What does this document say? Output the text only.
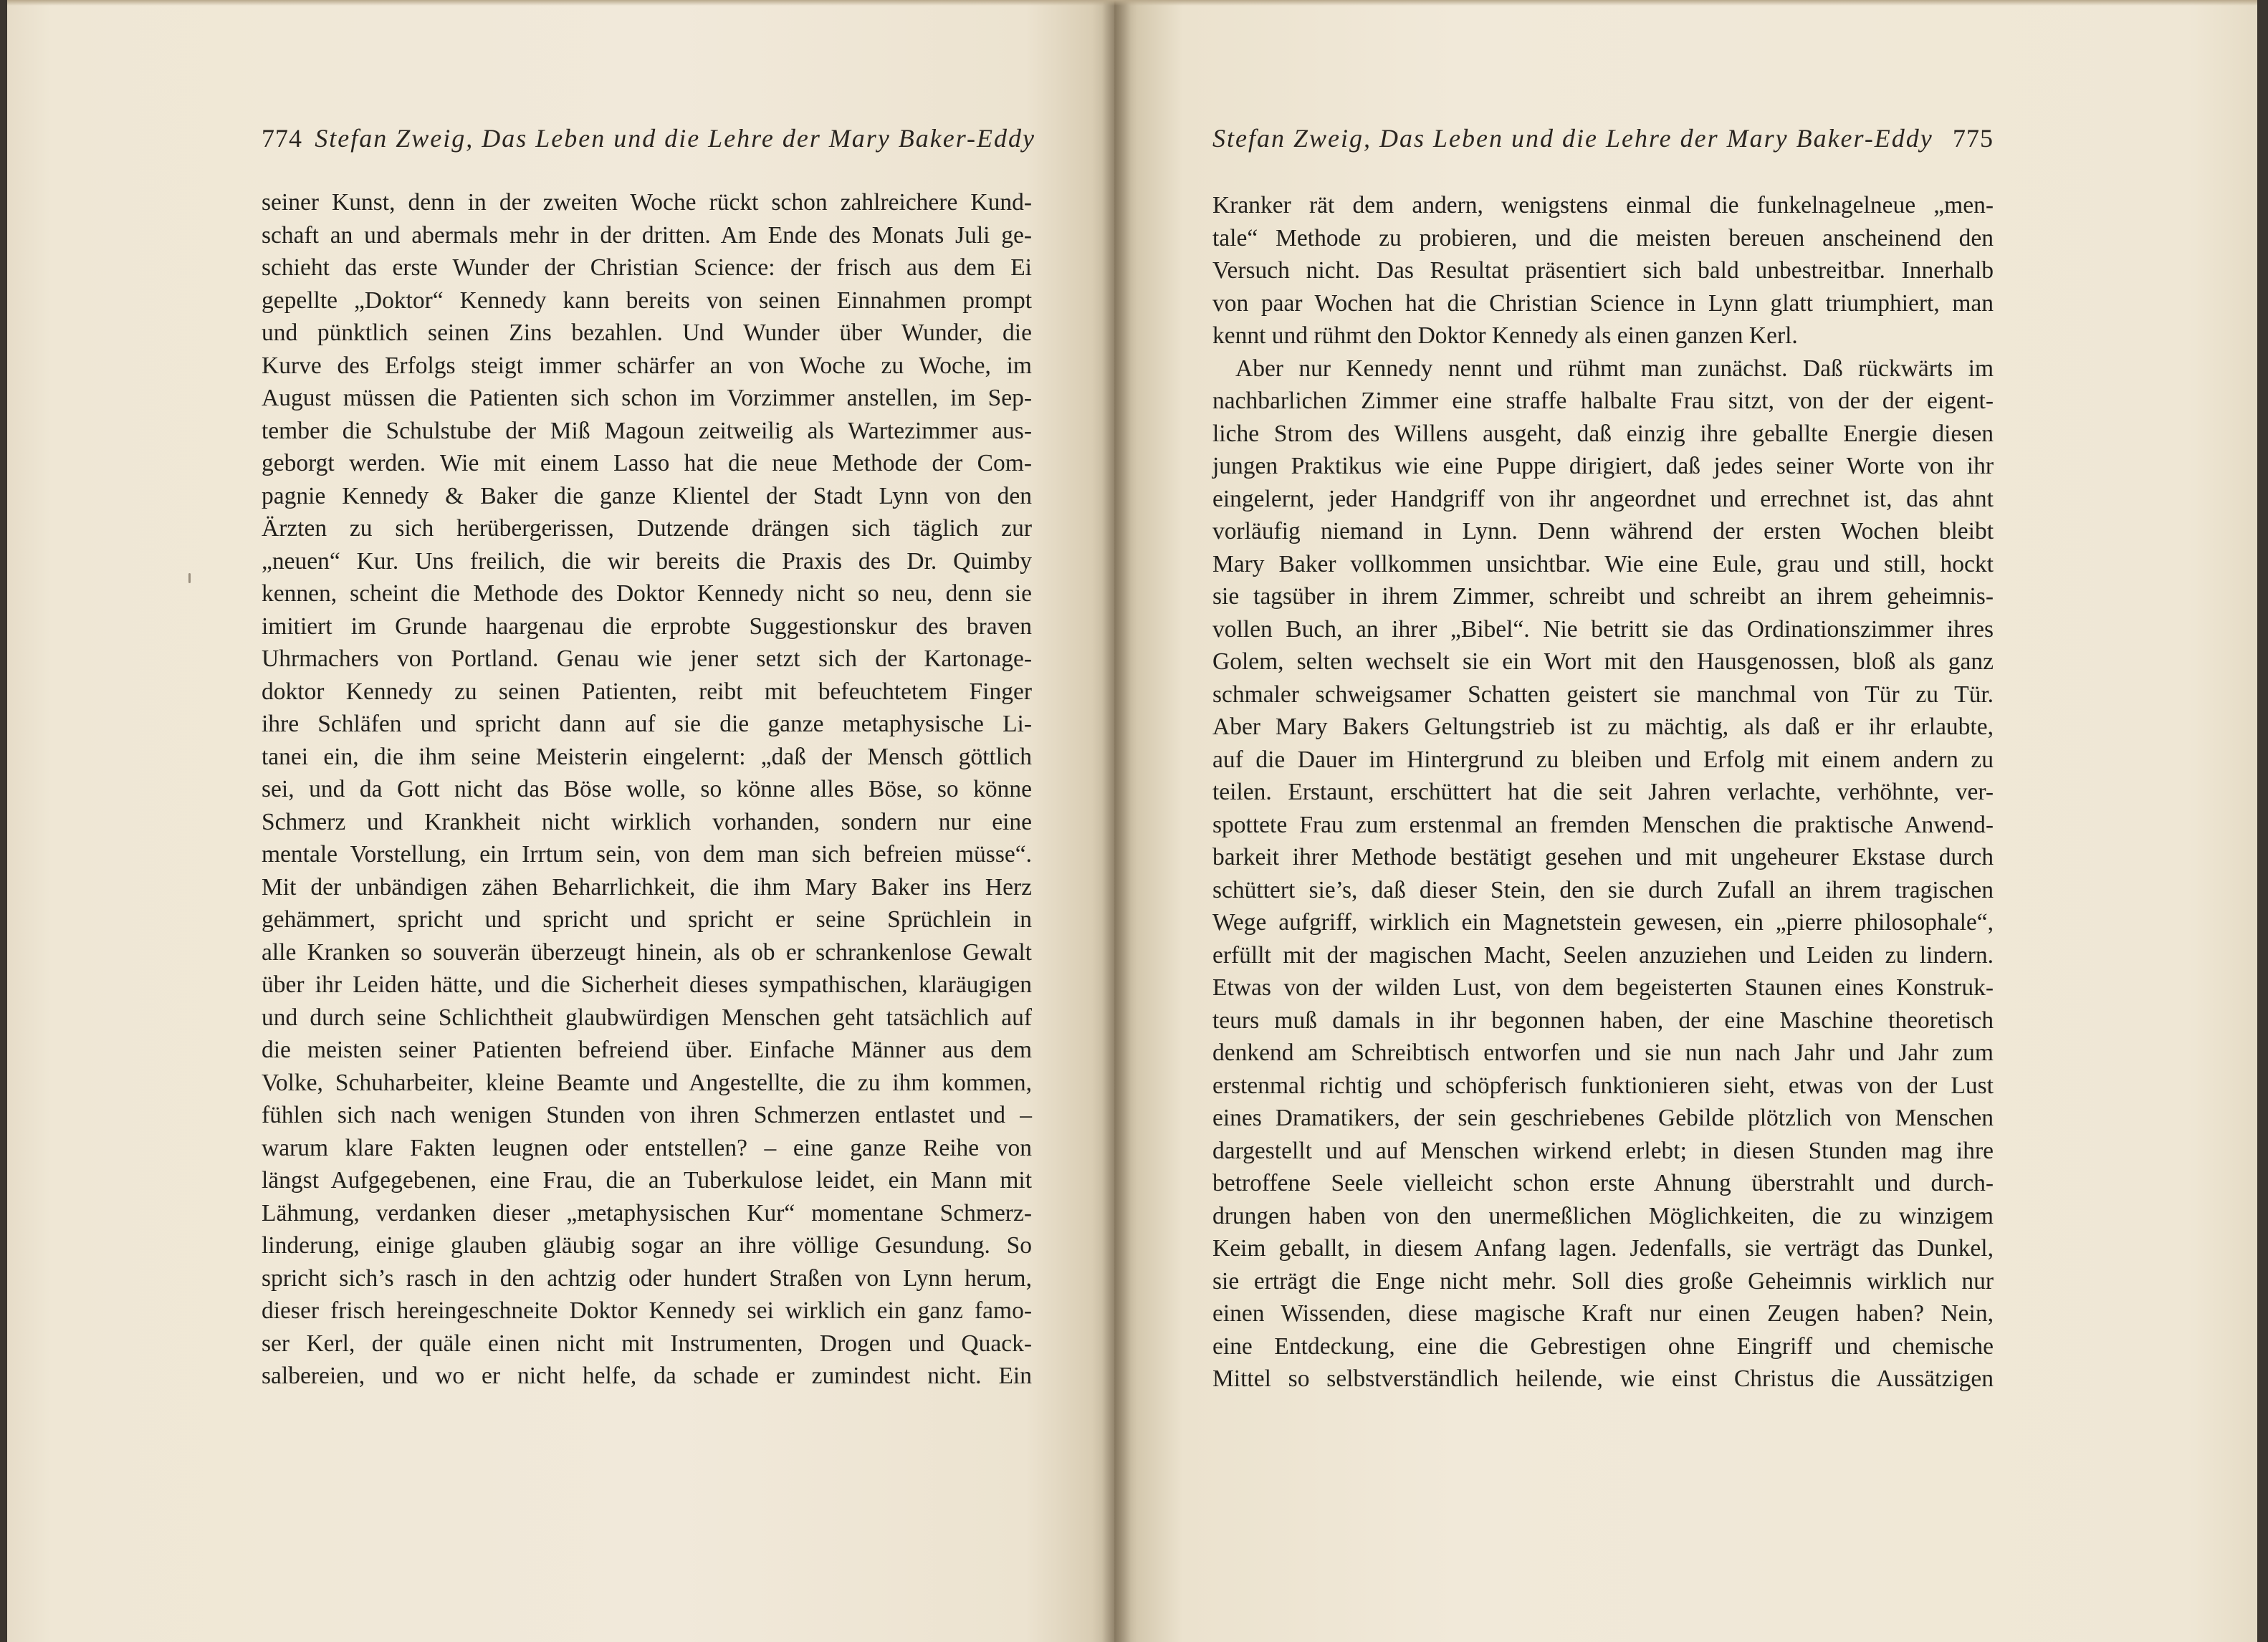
774 Stefan Zweig, Das Leben und die Lehre der Mary Baker-Eddy	Stefan Zweig, Das Leben und die Lehre der Mary Baker-Eddy 775
seiner Kunst, denn in der zweiten Woche rückt schon zahlreichere Kund-
schaft an und abermals mehr in der dritten. Am Ende des Monats Juli ge-
schieht das erste Wunder der Christian Science: der frisch aus dem Ei
gepellte „Doktor“ Kennedy kann bereits von seinen Einnahmen prompt
und pünktlich seinen Zins bezahlen. Und Wunder über Wunder, die
Kurve des Erfolgs steigt immer schärfer an von Woche zu Woche, im
August müssen die Patienten sich schon im Vorzimmer anstellen, im Sep-
tember die Schulstube der Miß Magoun zeitweilig als Wartezimmer aus-
geborgt werden. Wie mit einem Lasso hat die neue Methode der Com-
pagnie Kennedy & Baker die ganze Klientel der Stadt Lynn von den
Ärzten zu sich herübergerissen, Dutzende drängen sich täglich zur
„neuen“ Kur. Uns freilich, die wir bereits die Praxis des Dr. Quimby
kennen, scheint die Methode des Doktor Kennedy nicht so neu, denn sie
imitiert im Grunde haargenau die erprobte Suggestionskur des braven
Uhrmachers von Portland. Genau wie jener setzt sich der Kartonage-
doktor Kennedy zu seinen Patienten, reibt mit befeuchtetem Finger
ihre Schläfen und spricht dann auf sie die ganze metaphysische Li-
tanei ein, die ihm seine Meisterin eingelernt: „daß der Mensch göttlich
sei, und da Gott nicht das Böse wolle, so könne alles Böse, so könne
Schmerz und Krankheit nicht wirklich vorhanden, sondern nur eine
mentale Vorstellung, ein Irrtum sein, von dem man sich befreien müsse“.
Mit der unbändigen zähen Beharrlichkeit, die ihm Mary Baker ins Herz
gehämmert, spricht und spricht und spricht er seine Sprüchlein in
alle Kranken so souverän überzeugt hinein, als ob er schrankenlose Gewalt
über ihr Leiden hätte, und die Sicherheit dieses sympathischen, klaräugigen
und durch seine Schlichtheit glaubwürdigen Menschen geht tatsächlich auf
die meisten seiner Patienten befreiend über. Einfache Männer aus dem
Volke, Schuharbeiter, kleine Beamte und Angestellte, die zu ihm kommen,
fühlen sich nach wenigen Stunden von ihren Schmerzen entlastet und –
warum klare Fakten leugnen oder entstellen? – eine ganze Reihe von
längst Aufgegebenen, eine Frau, die an Tuberkulose leidet, ein Mann mit
Lähmung, verdanken dieser „metaphysischen Kur“ momentane Schmerz-
linderung, einige glauben gläubig sogar an ihre völlige Gesundung. So
spricht sich’s rasch in den achtzig oder hundert Straßen von Lynn herum,
dieser frisch hereingeschneite Doktor Kennedy sei wirklich ein ganz famo-
ser Kerl, der quäle einen nicht mit Instrumenten, Drogen und Quack-
salbereien, und wo er nicht helfe, da schade er zumindest nicht. Ein
Kranker rät dem andern, wenigstens einmal die funkelnagelneue „men-
tale“ Methode zu probieren, und die meisten bereuen anscheinend den
Versuch nicht. Das Resultat präsentiert sich bald unbestreitbar. Innerhalb
von paar Wochen hat die Christian Science in Lynn glatt triumphiert, man
kennt und rühmt den Doktor Kennedy als einen ganzen Kerl.
Aber nur Kennedy nennt und rühmt man zunächst. Daß rückwärts im
nachbarlichen Zimmer eine straffe halbalte Frau sitzt, von der der eigent-
liche Strom des Willens ausgeht, daß einzig ihre geballte Energie diesen
jungen Praktikus wie eine Puppe dirigiert, daß jedes seiner Worte von ihr
eingelernt, jeder Handgriff von ihr angeordnet und errechnet ist, das ahnt
vorläufig niemand in Lynn. Denn während der ersten Wochen bleibt
Mary Baker vollkommen unsichtbar. Wie eine Eule, grau und still, hockt
sie tagsüber in ihrem Zimmer, schreibt und schreibt an ihrem geheimnis-
vollen Buch, an ihrer „Bibel“. Nie betritt sie das Ordinationszimmer ihres
Golem, selten wechselt sie ein Wort mit den Hausgenossen, bloß als ganz
schmaler schweigsamer Schatten geistert sie manchmal von Tür zu Tür.
Aber Mary Bakers Geltungstrieb ist zu mächtig, als daß er ihr erlaubte,
auf die Dauer im Hintergrund zu bleiben und Erfolg mit einem andern zu
teilen. Erstaunt, erschüttert hat die seit Jahren verlachte, verhöhnte, ver-
spottete Frau zum erstenmal an fremden Menschen die praktische Anwend-
barkeit ihrer Methode bestätigt gesehen und mit ungeheurer Ekstase durch
schüttert sie’s, daß dieser Stein, den sie durch Zufall an ihrem tragischen
Wege aufgriff, wirklich ein Magnetstein gewesen, ein „pierre philosophale“,
erfüllt mit der magischen Macht, Seelen anzuziehen und Leiden zu lindern.
Etwas von der wilden Lust, von dem begeisterten Staunen eines Konstruk-
teurs muß damals in ihr begonnen haben, der eine Maschine theoretisch
denkend am Schreibtisch entworfen und sie nun nach Jahr und Jahr zum
erstenmal richtig und schöpferisch funktionieren sieht, etwas von der Lust
eines Dramatikers, der sein geschriebenes Gebilde plötzlich von Menschen
dargestellt und auf Menschen wirkend erlebt; in diesen Stunden mag ihre
betroffene Seele vielleicht schon erste Ahnung überstrahlt und durch-
drungen haben von den unermeßlichen Möglichkeiten, die zu winzigem
Keim geballt, in diesem Anfang lagen. Jedenfalls, sie verträgt das Dunkel,
sie erträgt die Enge nicht mehr. Soll dies große Geheimnis wirklich nur
einen Wissenden, diese magische Kraft nur einen Zeugen haben? Nein,
eine Entdeckung, eine die Gebrestigen ohne Eingriff und chemische
Mittel so selbstverständlich heilende, wie einst Christus die Aussätzigen
